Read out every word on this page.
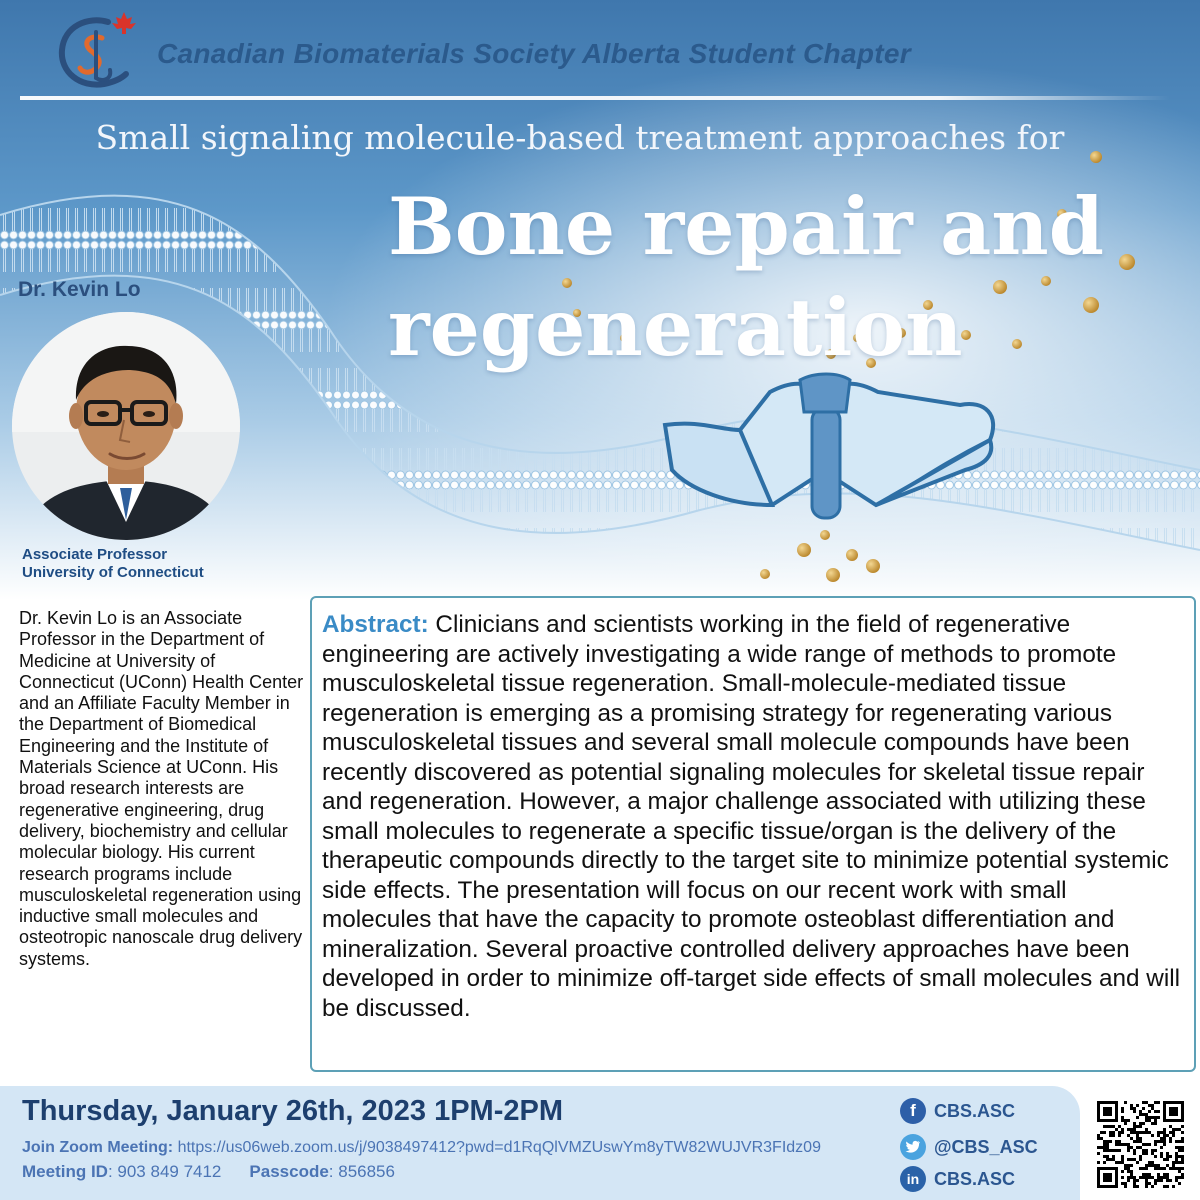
Canadian Biomaterials Society Alberta Student Chapter
Small signaling molecule-based treatment approaches for
Bone repair and
regeneration
Dr. Kevin Lo
Associate Professor
University of Connecticut
Dr. Kevin Lo is an Associate Professor in the Department of Medicine at University of Connecticut (UConn) Health Center and an Affiliate Faculty Member in the Department of Biomedical Engineering and the Institute of Materials Science at UConn. His broad research interests are regenerative engineering, drug delivery, biochemistry and cellular molecular biology. His current research programs include musculoskeletal regeneration using inductive small molecules and osteotropic nanoscale drug delivery systems.
Abstract: Clinicians and scientists working in the field of regenerative engineering are actively investigating a wide range of methods to promote musculoskeletal tissue regeneration. Small-molecule-mediated tissue regeneration is emerging as a promising strategy for regenerating various musculoskeletal tissues and several small molecule compounds have been recently discovered as potential signaling molecules for skeletal tissue repair and regeneration. However, a major challenge associated with utilizing these small molecules to regenerate a specific tissue/organ is the delivery of the therapeutic compounds directly to the target site to minimize potential systemic side effects. The presentation will focus on our recent work with small molecules that have the capacity to promote osteoblast differentiation and mineralization. Several proactive controlled delivery approaches have been developed in order to minimize off-target side effects of small molecules and will be discussed.
Thursday, January 26th, 2023 1PM-2PM
Join Zoom Meeting: https://us06web.zoom.us/j/9038497412?pwd=d1RqQlVMZUswYm8yTW82WUJVR3FIdz09
Meeting ID: 903 849 7412 Passcode: 856856
f	CBS.ASC
@CBS_ASC
in CBS.ASC
